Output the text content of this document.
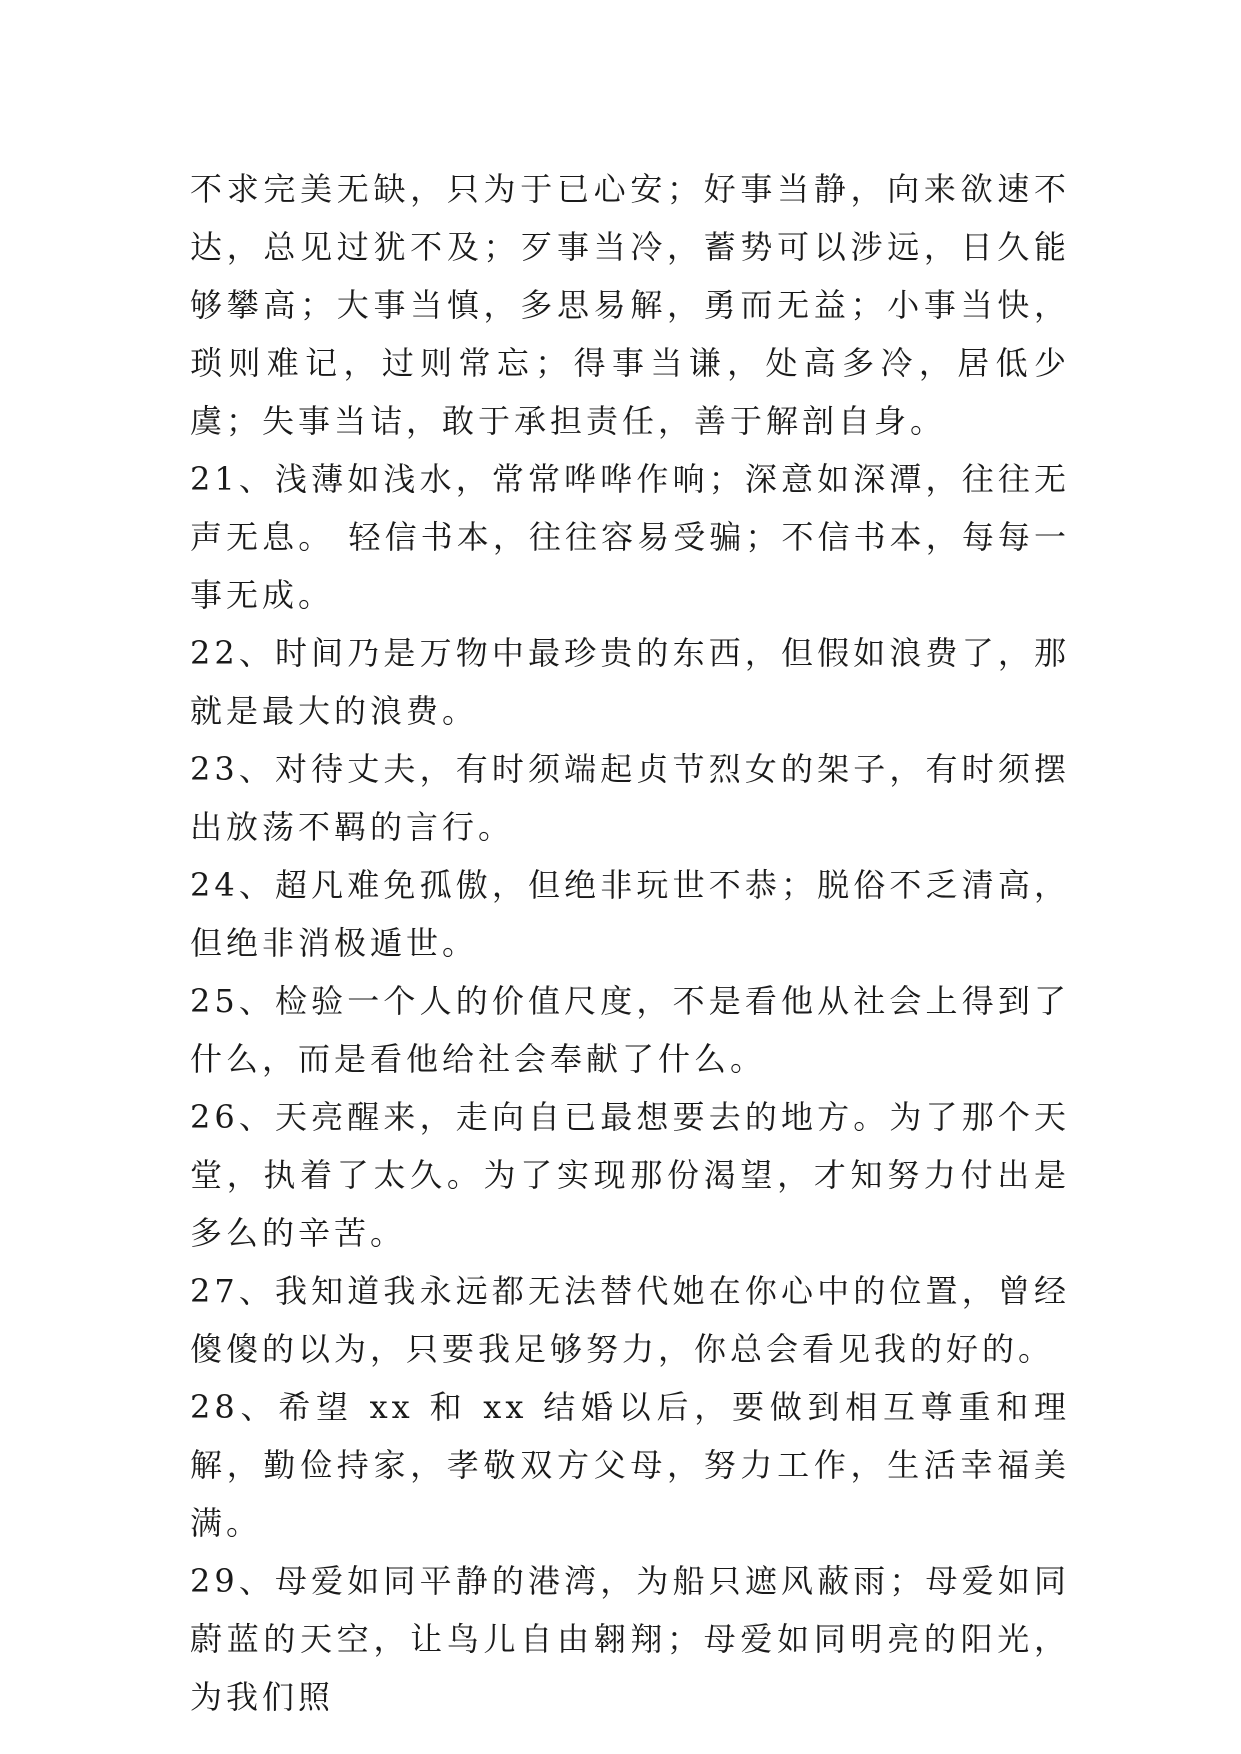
不求完美无缺，只为于已心安；好事当静，向来欲速不达，总见过犹不及；歹事当冷，蓄势可以涉远，日久能够攀高；大事当慎，多思易解，勇而无益；小事当快，琐则难记，过则常忘；得事当谦，处高多冷，居低少虞；失事当诘，敢于承担责任，善于解剖自身。

21、浅薄如浅水，常常哗哗作响；深意如深潭，往往无声无息。 轻信书本，往往容易受骗；不信书本，每每一事无成。

22、时间乃是万物中最珍贵的东西，但假如浪费了，那就是最大的浪费。

23、对待丈夫，有时须端起贞节烈女的架子，有时须摆出放荡不羁的言行。

24、超凡难免孤傲，但绝非玩世不恭；脱俗不乏清高，但绝非消极遁世。

25、检验一个人的价值尺度，不是看他从社会上得到了什么，而是看他给社会奉献了什么。

26、天亮醒来，走向自已最想要去的地方。为了那个天堂，执着了太久。为了实现那份渴望，才知努力付出是多么的辛苦。

27、我知道我永远都无法替代她在你心中的位置，曾经傻傻的以为，只要我足够努力，你总会看见我的好的。

28、希望 xx 和 xx 结婚以后，要做到相互尊重和理解，勤俭持家，孝敬双方父母，努力工作，生活幸福美满。

29、母爱如同平静的港湾，为船只遮风蔽雨；母爱如同蔚蓝的天空，让鸟儿自由翱翔；母爱如同明亮的阳光，为我们照
